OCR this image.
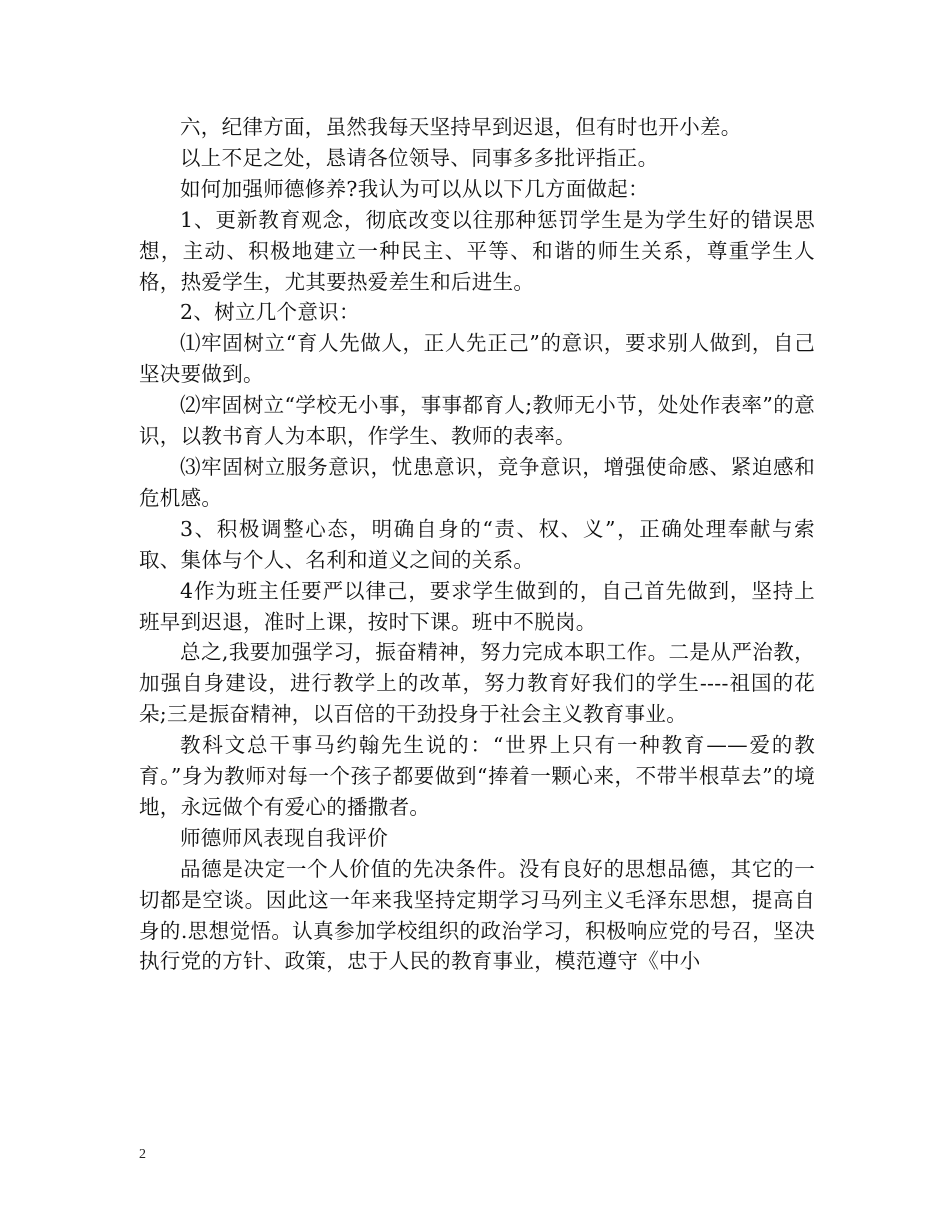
六，纪律方面，虽然我每天坚持早到迟退，但有时也开小差。

以上不足之处，恳请各位领导、同事多多批评指正。

如何加强师德修养?我认为可以从以下几方面做起：

1、更新教育观念，彻底改变以往那种惩罚学生是为学生好的错误思想，主动、积极地建立一种民主、平等、和谐的师生关系，尊重学生人格，热爱学生，尤其要热爱差生和后进生。

2、树立几个意识：

⑴牢固树立“育人先做人，正人先正己”的意识，要求别人做到，自己坚决要做到。

⑵牢固树立“学校无小事，事事都育人;教师无小节，处处作表率”的意识，以教书育人为本职，作学生、教师的表率。

⑶牢固树立服务意识，忧患意识，竞争意识，增强使命感、紧迫感和危机感。

3、积极调整心态，明确自身的“责、权、义”，正确处理奉献与索取、集体与个人、名利和道义之间的关系。

4作为班主任要严以律己，要求学生做到的，自己首先做到，坚持上班早到迟退，准时上课，按时下课。班中不脱岗。

总之,我要加强学习，振奋精神，努力完成本职工作。二是从严治教，加强自身建设，进行教学上的改革，努力教育好我们的学生----祖国的花朵;三是振奋精神，以百倍的干劲投身于社会主义教育事业。

教科文总干事马约翰先生说的：“世界上只有一种教育——爱的教育。”身为教师对每一个孩子都要做到“捧着一颗心来，不带半根草去”的境地，永远做个有爱心的播撒者。

师德师风表现自我评价

品德是决定一个人价值的先决条件。没有良好的思想品德，其它的一切都是空谈。因此这一年来我坚持定期学习马列主义毛泽东思想，提高自身的.思想觉悟。认真参加学校组织的政治学习，积极响应党的号召，坚决执行党的方针、政策，忠于人民的教育事业，模范遵守《中小

2
